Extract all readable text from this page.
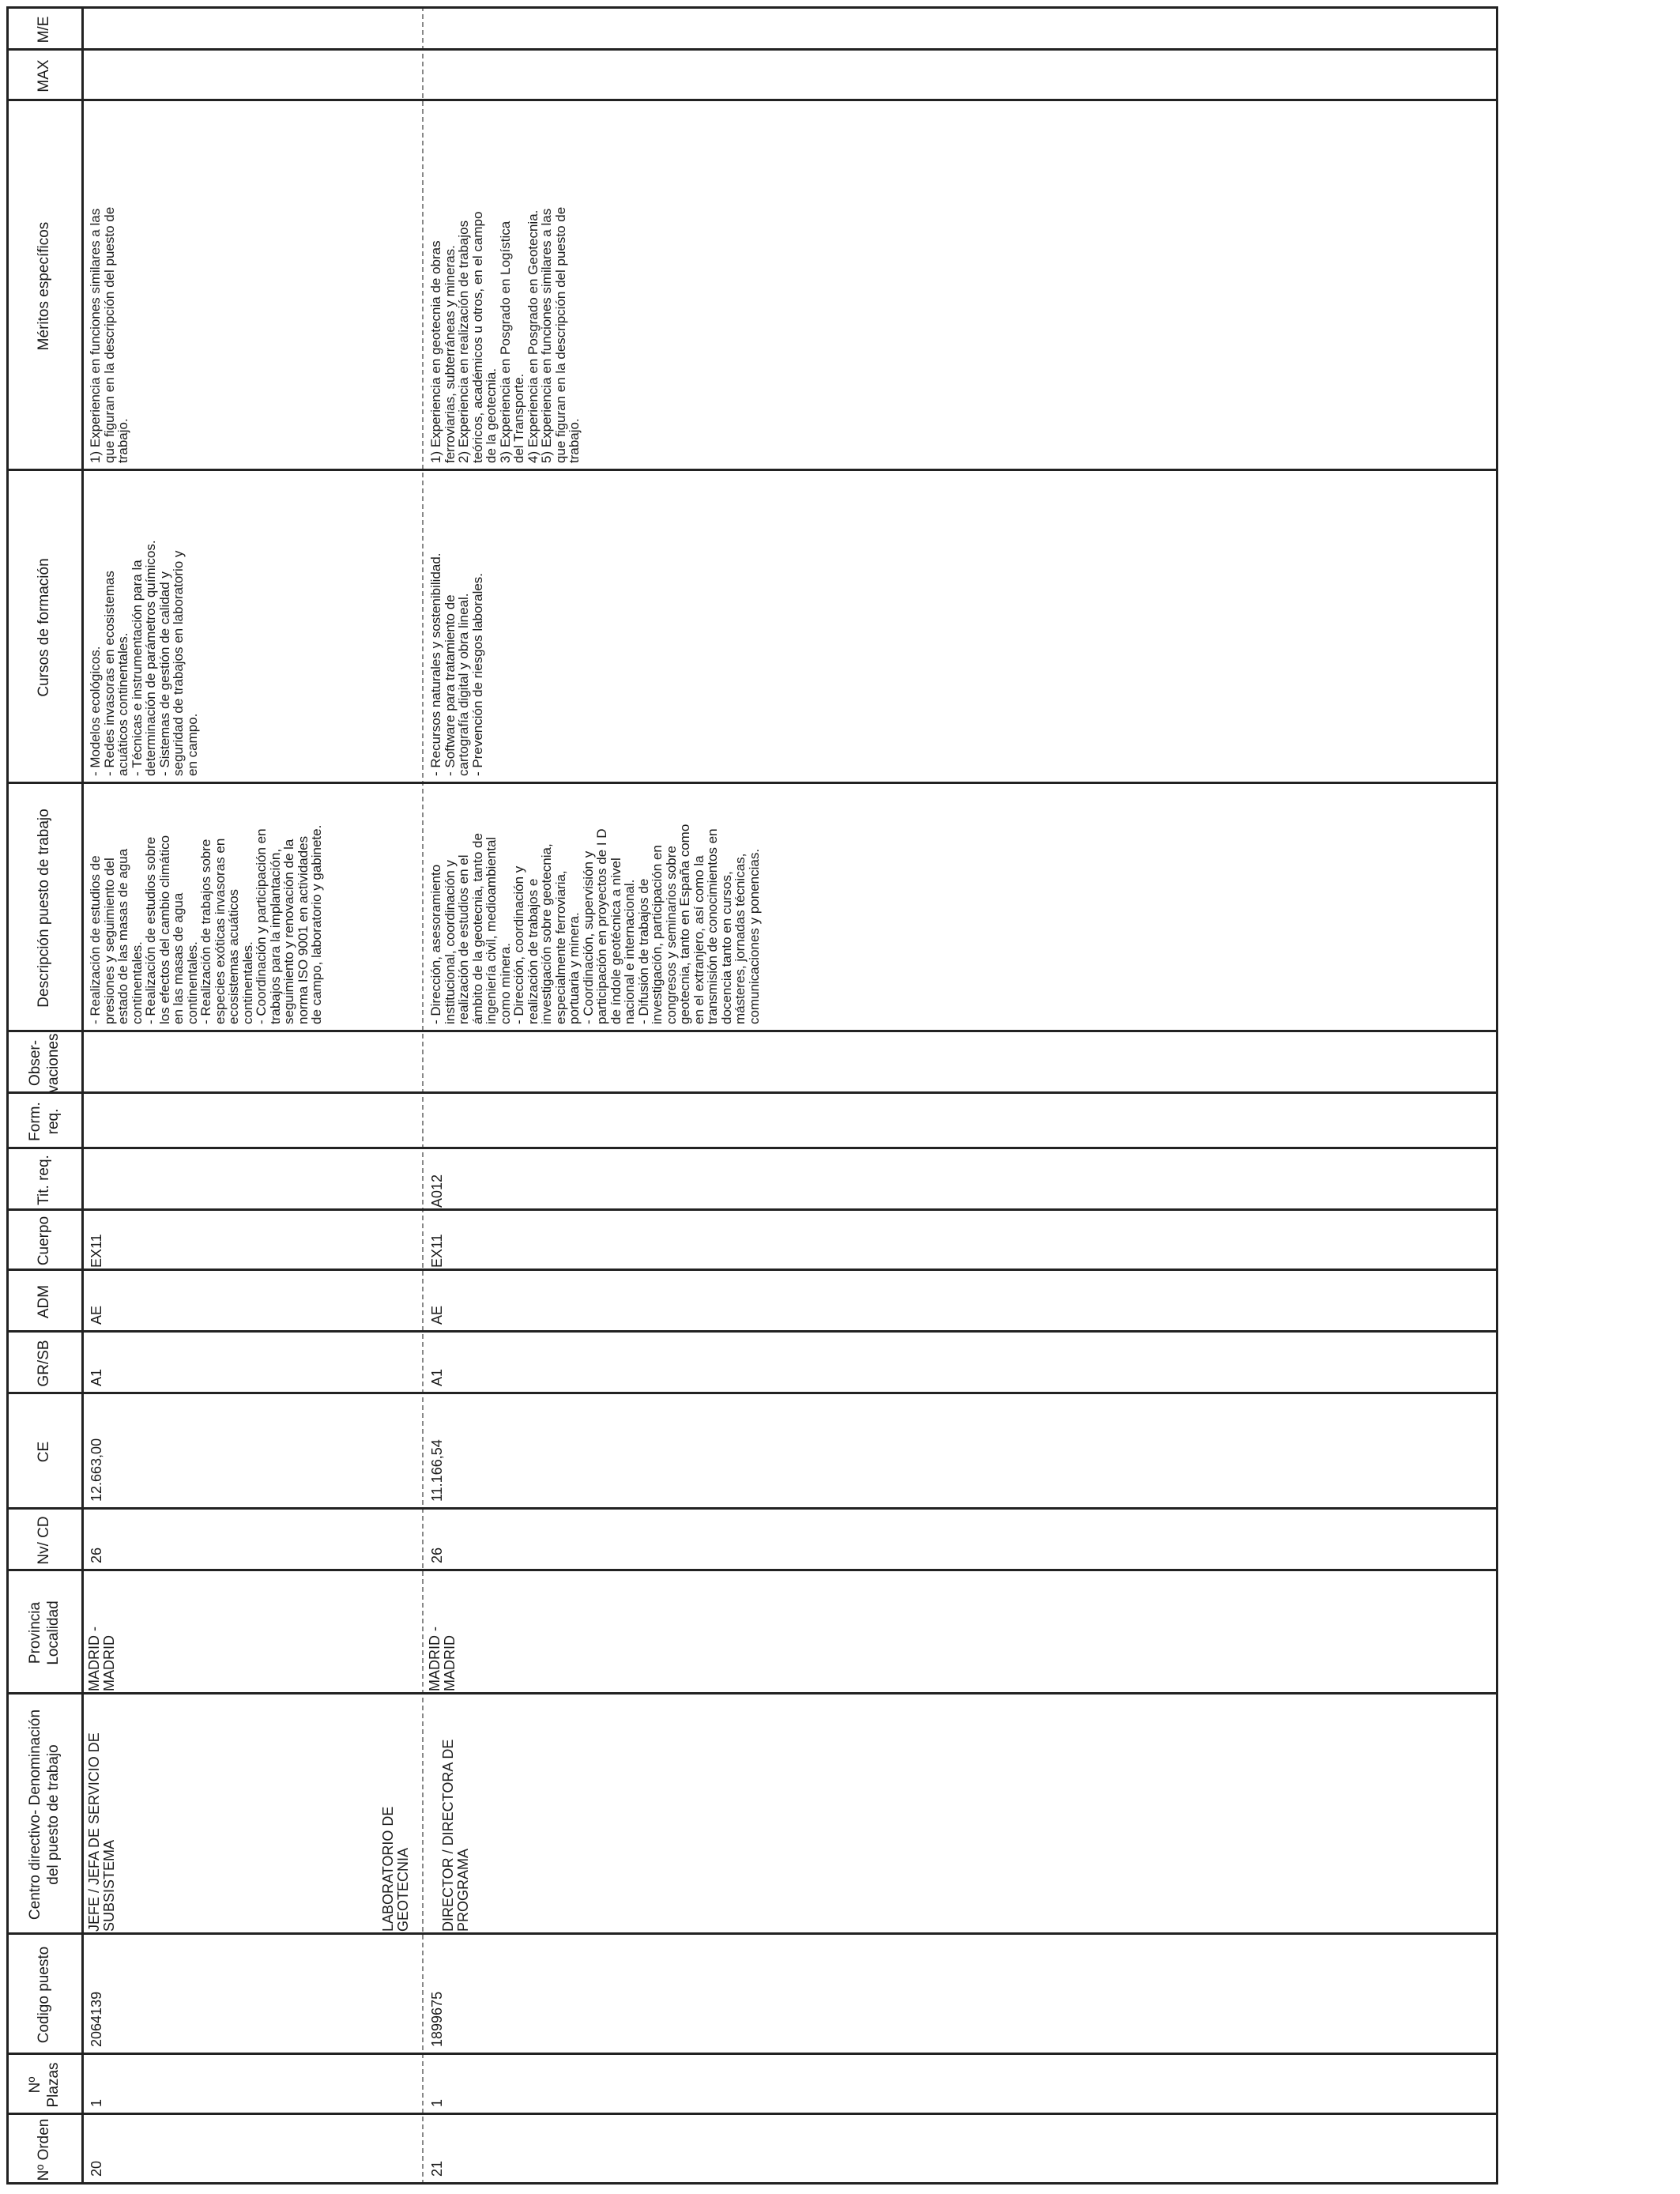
Nº Orden
Nº Plazas
Codigo puesto
Centro directivo- Denominación del puesto de trabajo
Provincia Localidad
Nv/ CD
CE
GR/SB
ADM
Cuerpo
Tit. req.
Form. req.
Obser- vaciones
Descripción puesto de trabajo
Cursos de formación
Méritos específicos
MAX
M/E
20
1
2064139
JEFE / JEFA DE SERVICIO DE
SUBSISTEMA
MADRID -
MADRID
26
12.663,00
A1
AE
EX11
- Realización de estudios de
presiones y seguimiento del
estado de las masas de agua
continentales.
- Realización de estudios sobre
los efectos del cambio climático
en las masas de agua
continentales.
- Realización de trabajos sobre
especies exóticas invasoras en
ecosistemas acuáticos
continentales.
- Coordinación y participación en
trabajos para la implantación,
seguimiento y renovación de la
norma ISO 9001 en actividades
de campo, laboratorio y gabinete.
- Modelos ecológicos.
- Redes invasoras en ecosistemas
acuáticos continentales.
- Técnicas e instrumentación para la
determinación de parámetros químicos.
- Sistemas de gestión de calidad y
seguridad de trabajos en laboratorio y
en campo.
1) Experiencia en funciones similares a las
que figuran en la descripción del puesto de
trabajo.
21
1
1899675
LABORATORIO DE
GEOTECNIA	DIRECTOR / DIRECTORA DE
PROGRAMA
MADRID -
MADRID
26
11.166,54
A1
AE
EX11
A012
- Dirección, asesoramiento
institucional, coordinación y
realización de estudios en el
ámbito de la geotecnia, tanto de
ingeniería civil, medioambiental
como minera.
- Dirección, coordinación y
realización de trabajos e
investigación sobre geotecnia,
especialmente ferroviaria,
portuaria y minera.
- Coordinación, supervisión y
participación en proyectos de I D
de índole geotécnica a nivel
nacional e internacional.
- Difusión de trabajos de
investigación, participación en
congresos y seminarios sobre
geotecnia, tanto en España como
en el extranjero, así como la
transmisión de conocimientos en
docencia tanto en cursos,
másteres, jornadas técnicas,
comunicaciones y ponencias.
- Recursos naturales y sostenibilidad.
- Software para tratamiento de
cartografía digital y obra lineal.
- Prevención de riesgos laborales.
1) Experiencia en geotecnia de obras
ferroviarias, subterráneas y mineras.
2) Experiencia en realización de trabajos
teóricos, académicos u otros, en el campo
de la geotecnia.
3) Experiencia en Posgrado en Logística
del Transporte.
4) Experiencia en Posgrado en Geotecnia.
5) Experiencia en funciones similares a las
que figuran en la descripción del puesto de
trabajo.
